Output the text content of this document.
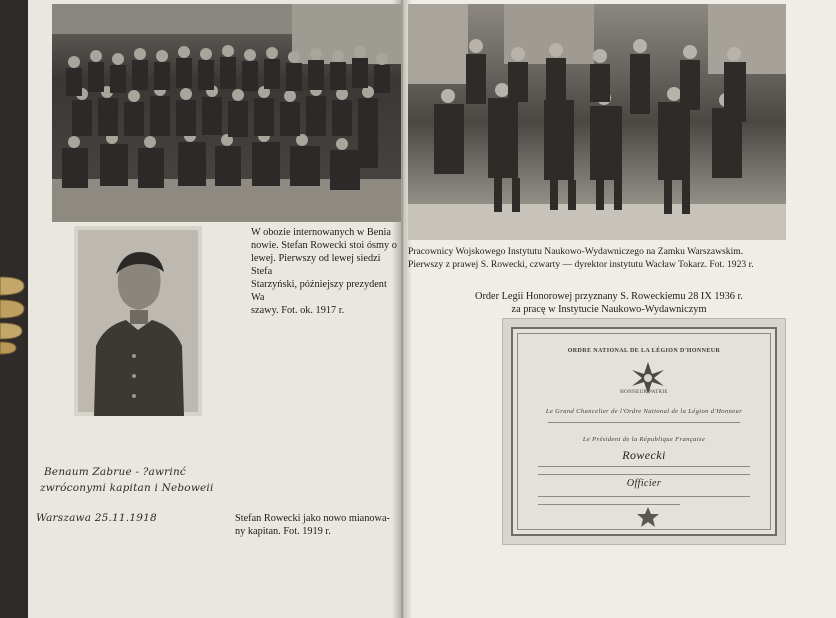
W obozie internowanych w Benia
nowie. Stefan Rowecki stoi ósmy o
lewej. Pierwszy od lewej siedzi Stefa
Starzyński, późniejszy prezydent Wa
szawy. Fot. ok. 1917 r.
Stefan Rowecki jako nowo mianowa-
ny kapitan. Fot. 1919 r.
Pracownicy Wojskowego Instytutu Naukowo-Wydawniczego na Zamku Warszawskim.
Pierwszy z prawej S. Rowecki, czwarty — dyrektor instytutu Wacław Tokarz. Fot. 1923 r.
Order Legii Honorowej przyznany S. Roweckiemu 28 IX 1936 r.
za pracę w Instytucie Naukowo-Wydawniczym
Benaum Zabrue - ?awrinć
zwróconymi kapitan i Neboweii
Warszawa 25.11.1918
ORDRE NATIONAL DE LA LÉGION D'HONNEUR
HONNEUR PATRIE
Le Grand Chancelier de l'Ordre National de la Légion d'Honneur
Le Président de la République Française
Rowecki
Officier
